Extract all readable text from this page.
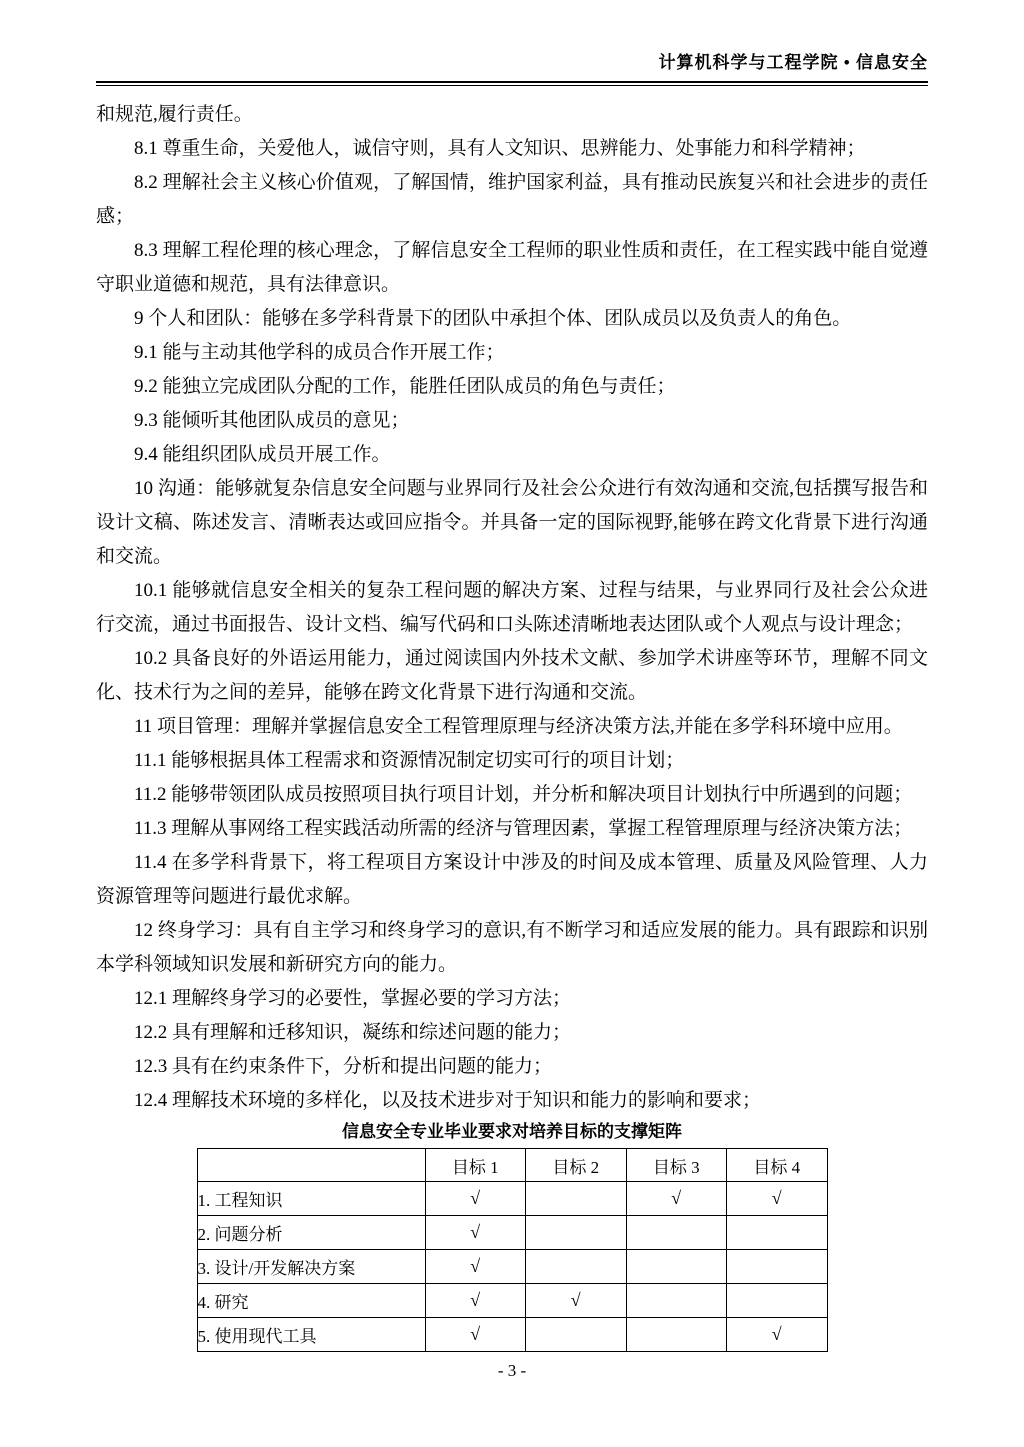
计算机科学与工程学院 • 信息安全

和规范,履行责任。

8.1 尊重生命，关爱他人，诚信守则，具有人文知识、思辨能力、处事能力和科学精神；

8.2 理解社会主义核心价值观，了解国情，维护国家利益，具有推动民族复兴和社会进步的责任感；

8.3 理解工程伦理的核心理念，了解信息安全工程师的职业性质和责任，在工程实践中能自觉遵守职业道德和规范，具有法律意识。

9 个人和团队：能够在多学科背景下的团队中承担个体、团队成员以及负责人的角色。

9.1 能与主动其他学科的成员合作开展工作；

9.2 能独立完成团队分配的工作，能胜任团队成员的角色与责任；

9.3 能倾听其他团队成员的意见；

9.4 能组织团队成员开展工作。

10 沟通：能够就复杂信息安全问题与业界同行及社会公众进行有效沟通和交流,包括撰写报告和设计文稿、陈述发言、清晰表达或回应指令。并具备一定的国际视野,能够在跨文化背景下进行沟通和交流。

10.1 能够就信息安全相关的复杂工程问题的解决方案、过程与结果，与业界同行及社会公众进行交流，通过书面报告、设计文档、编写代码和口头陈述清晰地表达团队或个人观点与设计理念；

10.2 具备良好的外语运用能力，通过阅读国内外技术文献、参加学术讲座等环节，理解不同文化、技术行为之间的差异，能够在跨文化背景下进行沟通和交流。

11 项目管理：理解并掌握信息安全工程管理原理与经济决策方法,并能在多学科环境中应用。

11.1 能够根据具体工程需求和资源情况制定切实可行的项目计划；

11.2 能够带领团队成员按照项目执行项目计划，并分析和解决项目计划执行中所遇到的问题；

11.3 理解从事网络工程实践活动所需的经济与管理因素，掌握工程管理原理与经济决策方法；

11.4 在多学科背景下，将工程项目方案设计中涉及的时间及成本管理、质量及风险管理、人力资源管理等问题进行最优求解。

12 终身学习：具有自主学习和终身学习的意识,有不断学习和适应发展的能力。具有跟踪和识别本学科领域知识发展和新研究方向的能力。

12.1 理解终身学习的必要性，掌握必要的学习方法；

12.2 具有理解和迁移知识，凝练和综述问题的能力；

12.3 具有在约束条件下，分析和提出问题的能力；

12.4 理解技术环境的多样化，以及技术进步对于知识和能力的影响和要求；

信息安全专业毕业要求对培养目标的支撑矩阵
	目标 1	目标 2	目标 3	目标 4
1. 工程知识	√		√	√
2. 问题分析	√			
3. 设计/开发解决方案	√			
4. 研究	√	√		
5. 使用现代工具	√			√
- 3 -
